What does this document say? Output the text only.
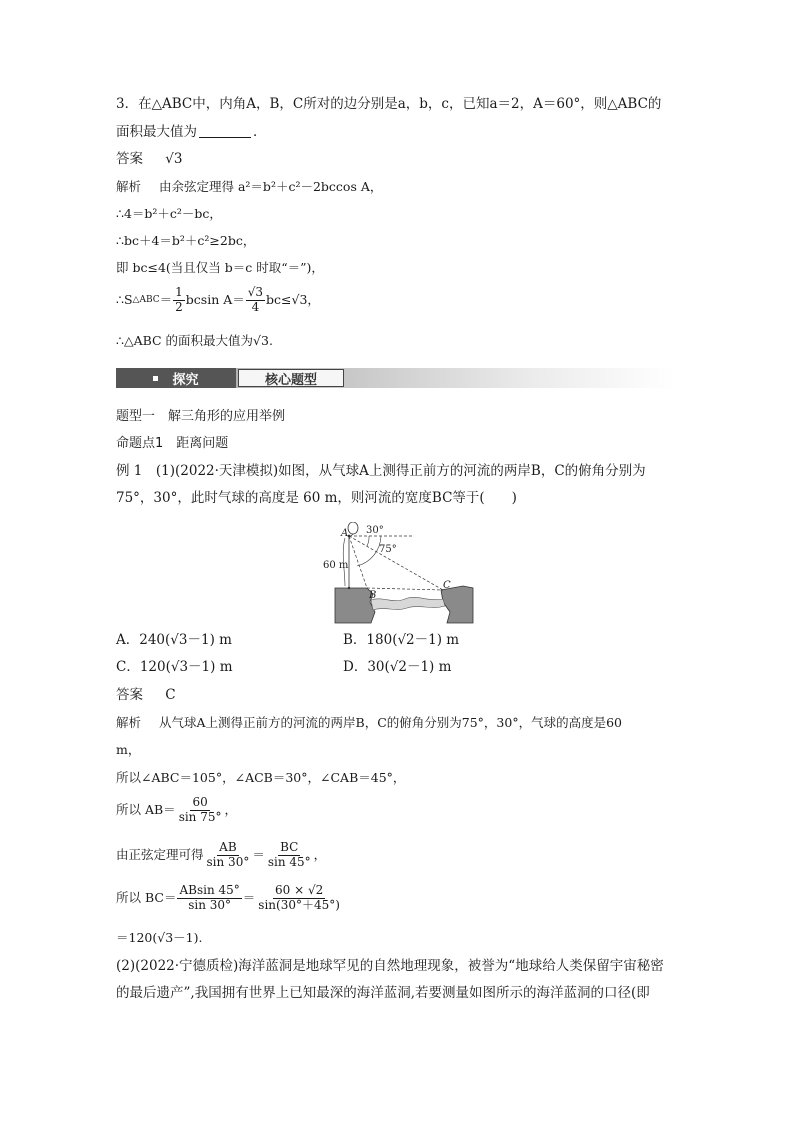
3．在△ABC中，内角A，B，C所对的边分别是a，b，c，已知a＝2，A＝60°，则△ABC的
面积最大值为	．
答案 √3
解析 由余弦定理得 a²＝b²＋c²－2bccos A，
∴4＝b²＋c²－bc，
∴bc＋4＝b²＋c²≥2bc，
即 bc≤4(当且仅当 b＝c 时取“＝”)，
∴S △ABC ＝ $\frac{1}{2}$ bcsin $A= \frac{√3}{4} bc\le√3$，
∴△ABC 的面积最大值为√3.
探究	核心题型
题型一　解三角形的应用举例
命题点1　距离问题
例 1　(1)(2022·天津模拟)如图，从气球A上测得正前方的河流的两岸B，C的俯角分别为
75°，30°，此时气球的高度是 60 m，则河流的宽度BC等于(　　)
A
B
C
30°
75°
60 m
A．240(√3－1) m	B．180(√2－1) m
C．120(√3－1) m	D．30(√2－1) m
答案 C
解析 从气球A上测得正前方的河流的两岸B，C的俯角分别为75°，30°，气球的高度是60
m，
所以∠ABC＝105°，∠ACB＝30°，∠CAB＝45°，
所以 $AB= \frac{60}{\sin 75^\circ}$ ，
由正弦定理可得 $\frac{AB}{\sin 30^\circ} = \frac{BC}{\sin 45^\circ}$ ，
所以 $BC= \frac{ABsin 45^\circ}{\sin 30^\circ} = \frac{60 \times √2}{\sin(30^\circ+45^\circ)}$
＝120(√3－1).
(2)(2022·宁德质检)海洋蓝洞是地球罕见的自然地理现象，被誉为“地球给人类保留宇宙秘密
的最后遗产”,我国拥有世界上已知最深的海洋蓝洞,若要测量如图所示的海洋蓝洞的口径(即
